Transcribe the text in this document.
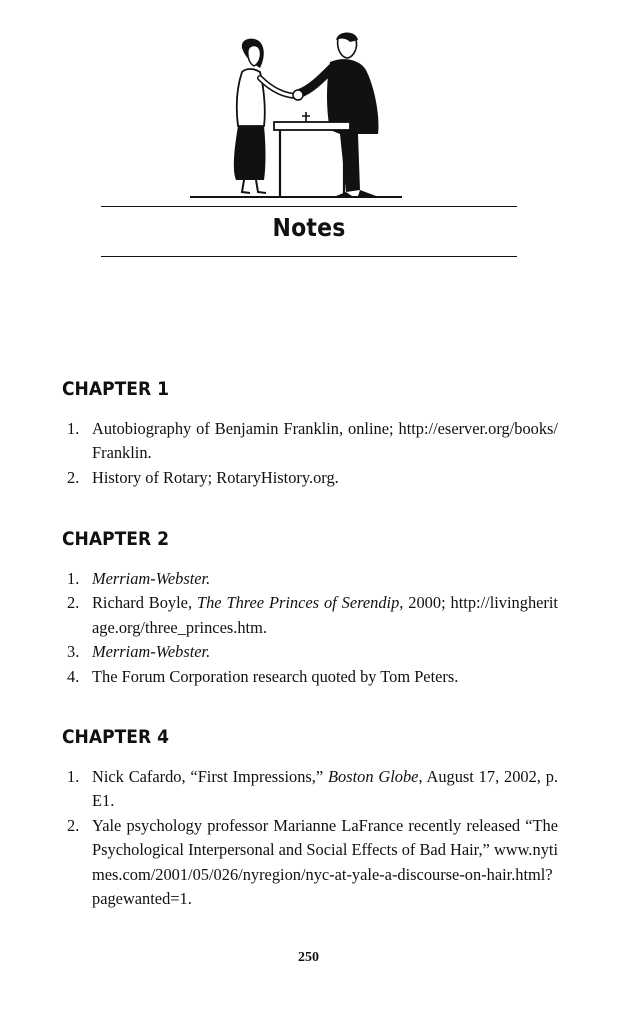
Notes
CHAPTER 1
1. Autobiography of Benjamin Franklin, online; http://eserver.org/books/Franklin.
2. History of Rotary; RotaryHistory.org.
CHAPTER 2
1. Merriam-Webster.
2. Richard Boyle, The Three Princes of Serendip, 2000; http://livingheritage.org/three_princes.htm.
3. Merriam-Webster.
4. The Forum Corporation research quoted by Tom Peters.
CHAPTER 4
1. Nick Cafardo, “First Impressions,” Boston Globe, August 17, 2002, p. E1.
2. Yale psychology professor Marianne LaFrance recently released “The Psychological Interpersonal and Social Effects of Bad Hair,” www.nytimes.com/2001/05/026/nyregion/nyc-at-yale-a-discourse-on-hair.html?pagewanted=1.
250
